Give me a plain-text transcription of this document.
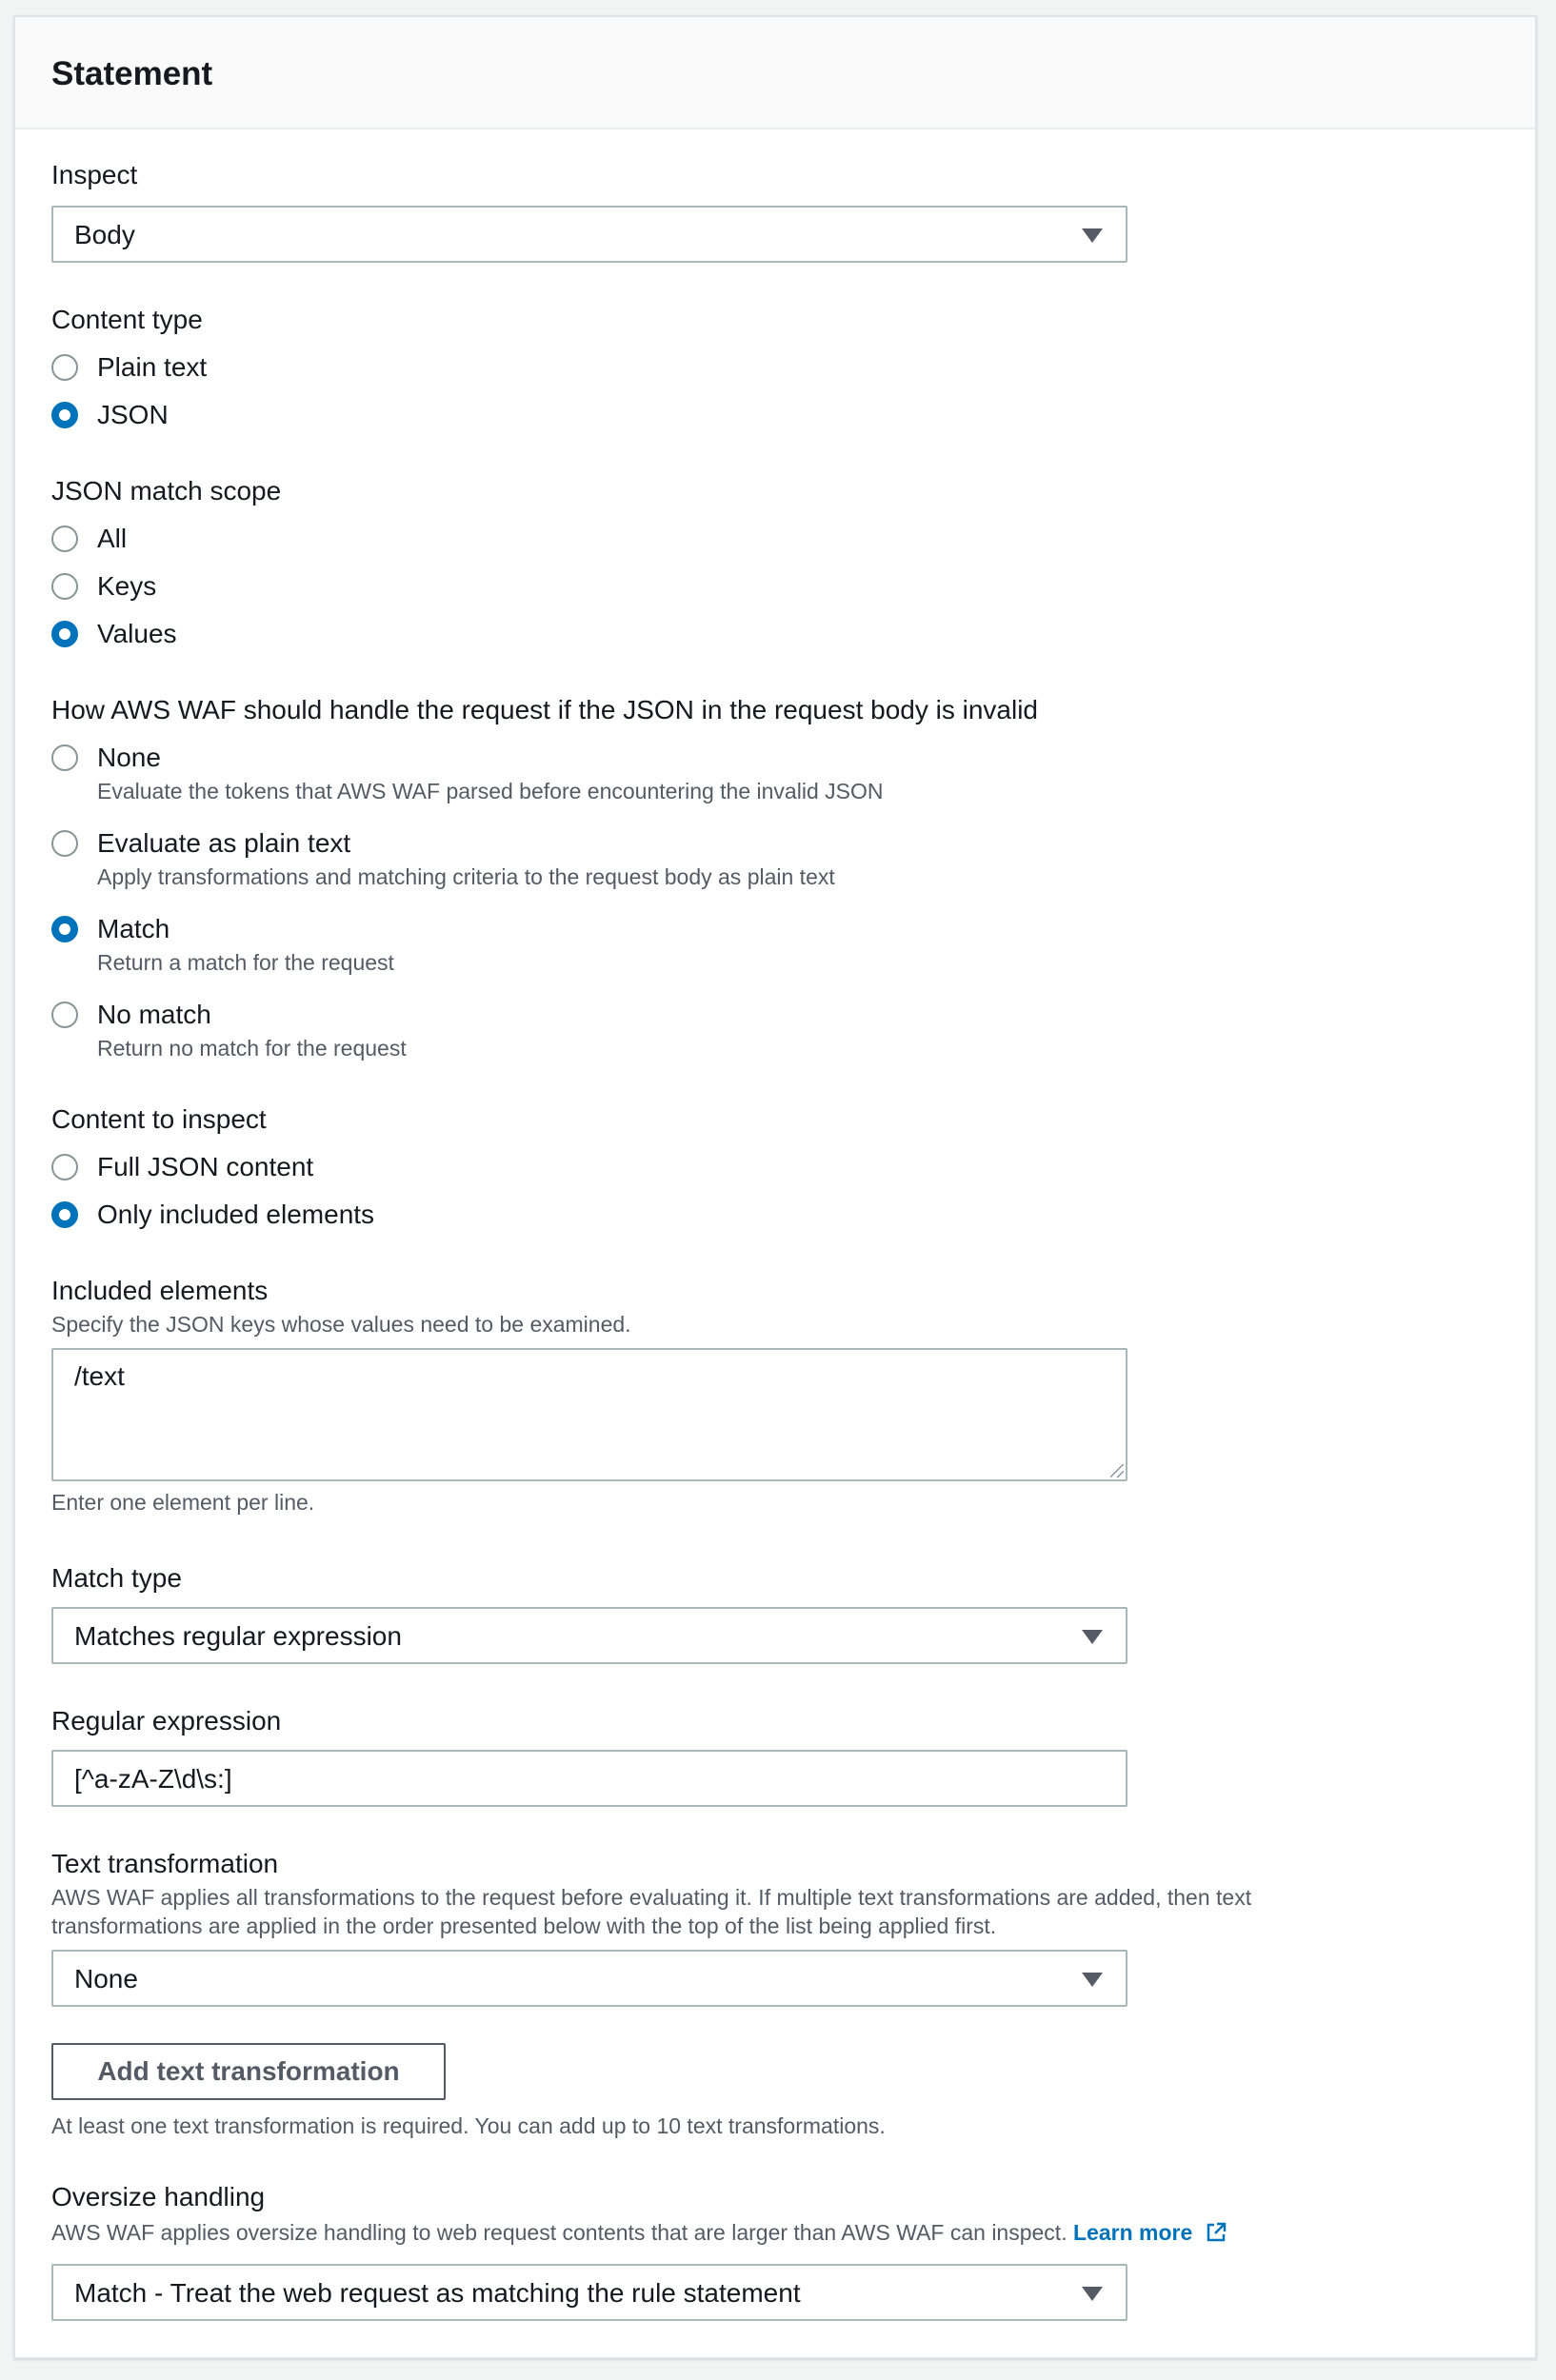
Statement
Inspect
Body
Content type
Plain text
JSON
JSON match scope
All
Keys
Values
How AWS WAF should handle the request if the JSON in the request body is invalid
None
Evaluate the tokens that AWS WAF parsed before encountering the invalid JSON
Evaluate as plain text
Apply transformations and matching criteria to the request body as plain text
Match
Return a match for the request
No match
Return no match for the request
Content to inspect
Full JSON content
Only included elements
Included elements
Specify the JSON keys whose values need to be examined.
/text
Enter one element per line.
Match type
Matches regular expression
Regular expression
[^a-zA-Z\d\s:]
Text transformation
AWS WAF applies all transformations to the request before evaluating it. If multiple text transformations are added, then text
transformations are applied in the order presented below with the top of the list being applied first.
None
Add text transformation
At least one text transformation is required. You can add up to 10 text transformations.
Oversize handling
AWS WAF applies oversize handling to web request contents that are larger than AWS WAF can inspect. Learn more
Match - Treat the web request as matching the rule statement
